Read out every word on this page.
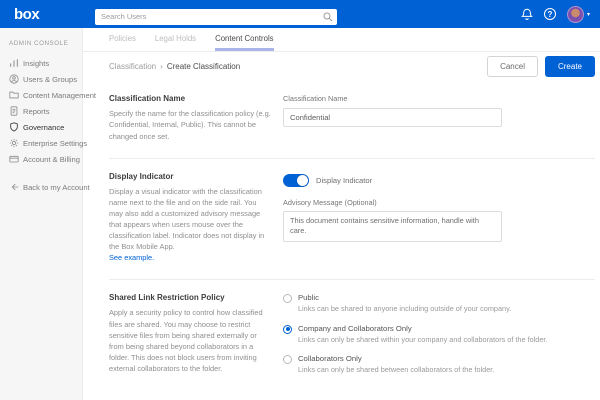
box
Search Users	?	▾
ADMIN CONSOLE
Insights
Users & Groups
Content Management
Reports
Governance
Enterprise Settings
Account & Billing
Back to my Account
Policies Legal Holds Content Controls
Classification › Create Classification	Cancel	Create
Classification Name
Specify the name for the classification policy (e.g. Confidential, Internal, Public). This cannot be changed once set.
Classification Name
Confidential
Display Indicator
Display a visual indicator with the classification name next to the file and on the side rail. You may also add a customized advisory message that appears when users mouse over the classification label. Indicator does not display in the Box Mobile App.
See example.
Display Indicator
Advisory Message (Optional)
This document contains sensitive information, handle with care.
Shared Link Restriction Policy
Apply a security policy to control how classified files are shared. You may choose to restrict sensitive files from being shared externally or from being shared beyond collaborators in a folder. This does not block users from inviting external collaborators to the folder.
Public
Links can be shared to anyone including outside of your company.
Company and Collaborators Only
Links can only be shared within your company and collaborators of the folder.
Collaborators Only
Links can only be shared between collaborators of the folder.
